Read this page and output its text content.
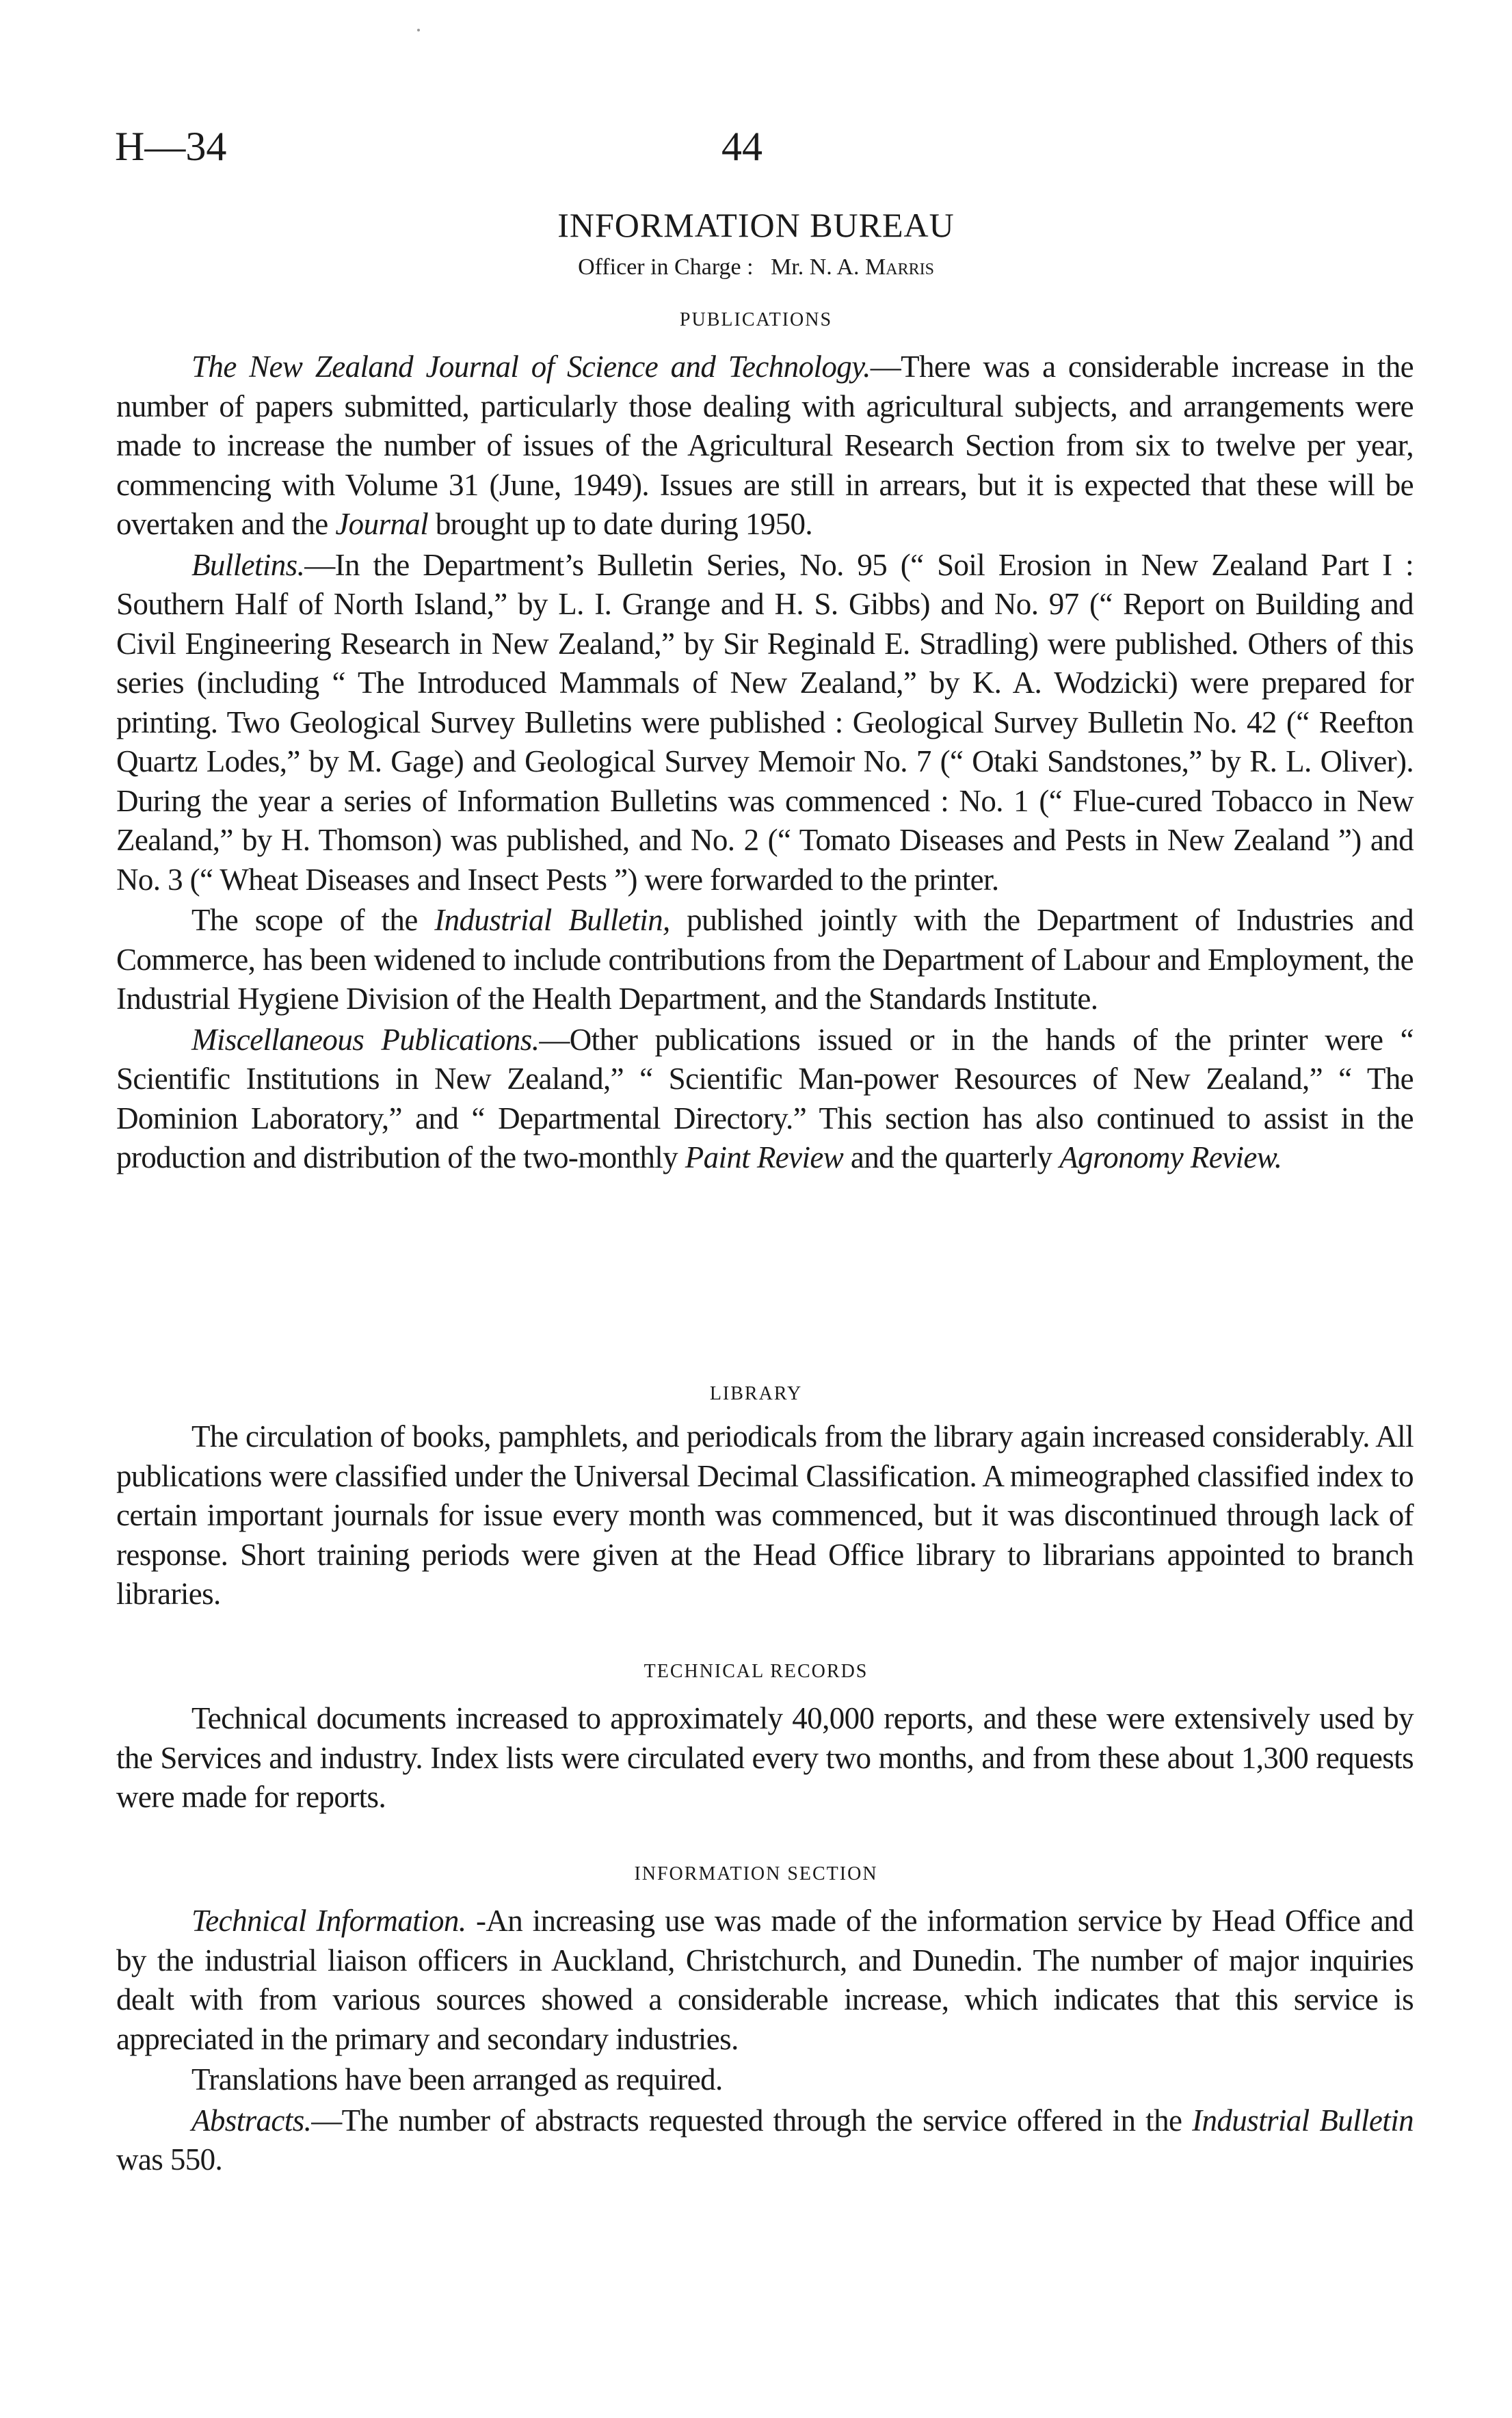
H—34	44
INFORMATION BUREAU
Officer in Charge : Mr. N. A. Marris
PUBLICATIONS

The New Zealand Journal of Science and Technology.—There was a considerable increase in the number of papers submitted, particularly those dealing with agricultural subjects, and arrangements were made to increase the number of issues of the Agricultural Research Section from six to twelve per year, commencing with Volume 31 (June, 1949). Issues are still in arrears, but it is expected that these will be overtaken and the Journal brought up to date during 1950.

Bulletins.—In the Department’s Bulletin Series, No. 95 (“ Soil Erosion in New Zealand Part I : Southern Half of North Island,” by L. I. Grange and H. S. Gibbs) and No. 97 (“ Report on Building and Civil Engineering Research in New Zealand,” by Sir Reginald E. Stradling) were published. Others of this series (including “ The Introduced Mammals of New Zealand,” by K. A. Wodzicki) were prepared for printing. Two Geological Survey Bulletins were published : Geological Survey Bulletin No. 42 (“ Reefton Quartz Lodes,” by M. Gage) and Geological Survey Memoir No. 7 (“ Otaki Sandstones,” by R. L. Oliver). During the year a series of Information Bulletins was commenced : No. 1 (“ Flue-cured Tobacco in New Zealand,” by H. Thomson) was published, and No. 2 (“ Tomato Diseases and Pests in New Zealand ”) and No. 3 (“ Wheat Diseases and Insect Pests ”) were forwarded to the printer.

The scope of the Industrial Bulletin, published jointly with the Department of Industries and Commerce, has been widened to include contributions from the Department of Labour and Employment, the Industrial Hygiene Division of the Health Department, and the Standards Institute.

Miscellaneous Publications.—Other publications issued or in the hands of the printer were “ Scientific Institutions in New Zealand,” “ Scientific Man-power Resources of New Zealand,” “ The Dominion Laboratory,” and “ Departmental Directory.” This section has also continued to assist in the production and distribution of the two-monthly Paint Review and the quarterly Agronomy Review.

LIBRARY

The circulation of books, pamphlets, and periodicals from the library again increased considerably. All publications were classified under the Universal Decimal Classification. A mimeographed classified index to certain important journals for issue every month was commenced, but it was discontinued through lack of response. Short training periods were given at the Head Office library to librarians appointed to branch libraries.

TECHNICAL RECORDS

Technical documents increased to approximately 40,000 reports, and these were extensively used by the Services and industry. Index lists were circulated every two months, and from these about 1,300 requests were made for reports.

INFORMATION SECTION

Technical Information. -An increasing use was made of the information service by Head Office and by the industrial liaison officers in Auckland, Christchurch, and Dunedin. The number of major inquiries dealt with from various sources showed a considerable increase, which indicates that this service is appreciated in the primary and secondary industries.

Translations have been arranged as required.

Abstracts.—The number of abstracts requested through the service offered in the Industrial Bulletin was 550.
